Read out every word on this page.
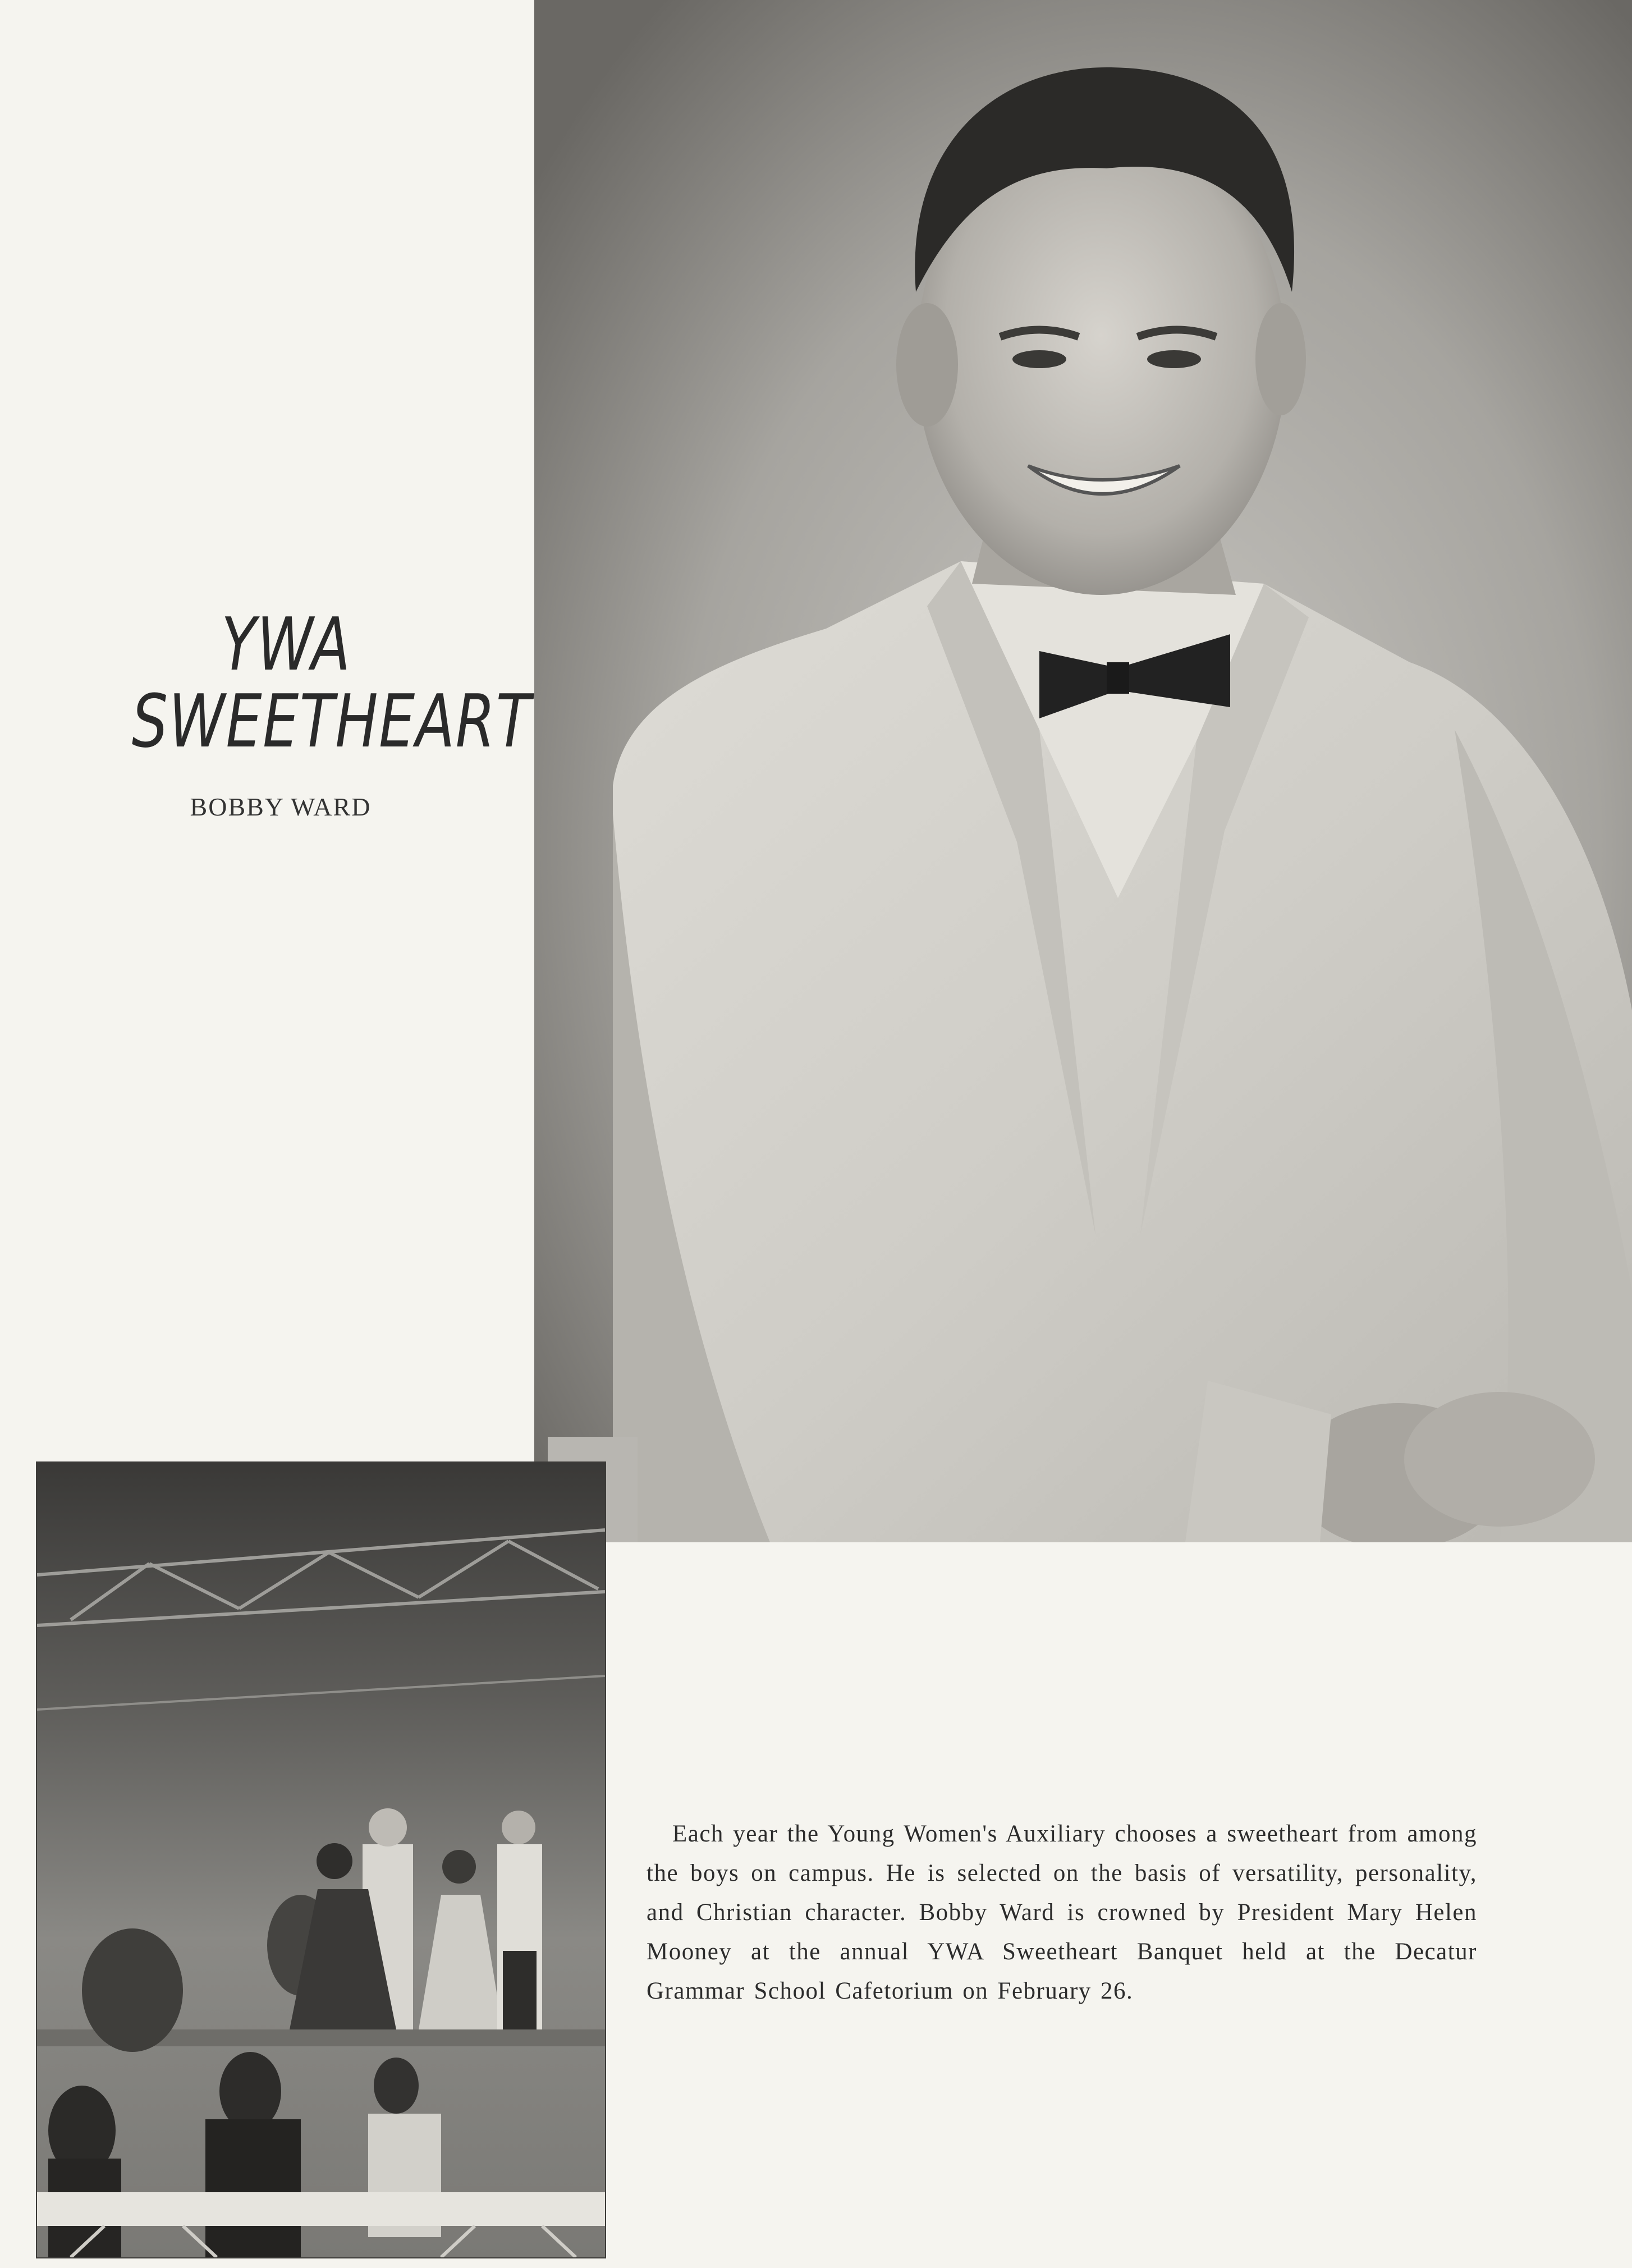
YWA
SWEETHEART
BOBBY WARD

Each year the Young Women's Auxiliary chooses a sweetheart from among the boys on campus. He is selected on the basis of versatility, personality, and Christian character. Bobby Ward is crowned by President Mary Helen Mooney at the annual YWA Sweetheart Banquet held at the Decatur Grammar School Cafetorium on February 26.
